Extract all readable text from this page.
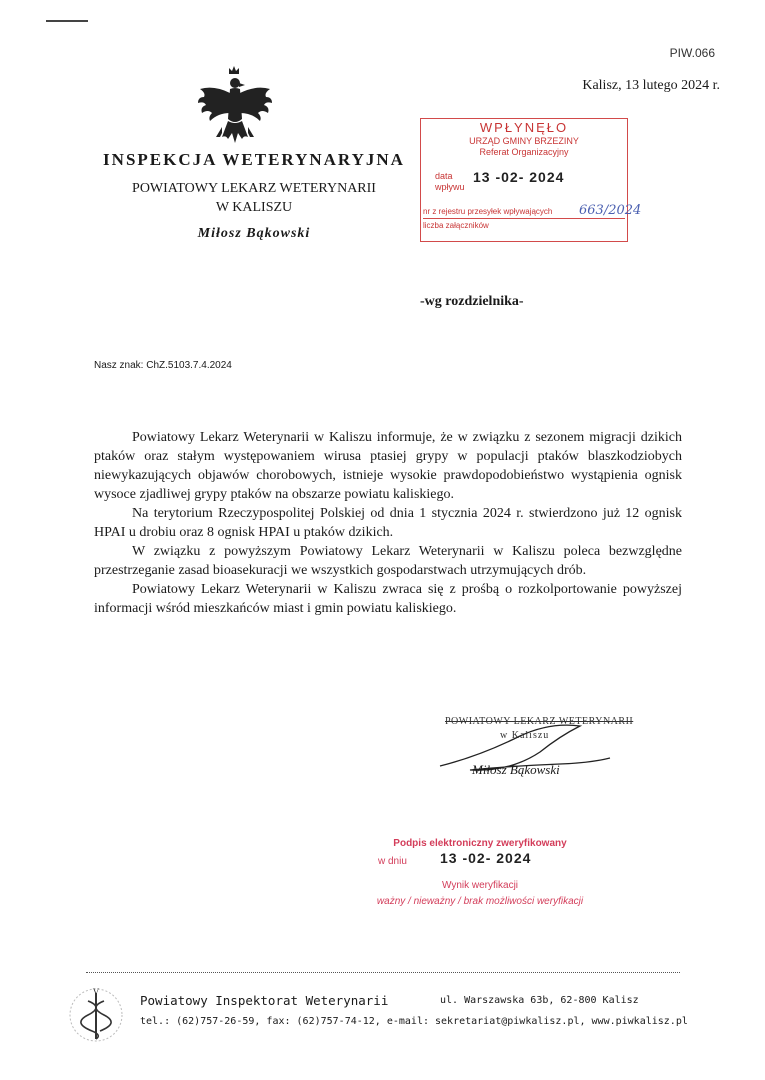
PIW.066
Kalisz, 13 lutego 2024 r.
INSPEKCJA WETERYNARYJNA
POWIATOWY LEKARZ WETERYNARII
W KALISZU
Miłosz Bąkowski
WPŁYNĘŁO
URZĄD GMINY BRZEZINY
Referat Organizacyjny
data
wpływu
13 -02- 2024
nr z rejestru przesyłek wpływających 663/2024
liczba załączników
-wg rozdzielnika-
Nasz znak: ChZ.5103.7.4.2024

Powiatowy Lekarz Weterynarii w Kaliszu informuje, że w związku z sezonem migracji dzikich ptaków oraz stałym występowaniem wirusa ptasiej grypy w populacji ptaków blaszkodziobych niewykazujących objawów chorobowych, istnieje wysokie prawdopodobieństwo wystąpienia ognisk wysoce zjadliwej grypy ptaków na obszarze powiatu kaliskiego.

Na terytorium Rzeczypospolitej Polskiej od dnia 1 stycznia 2024 r. stwierdzono już 12 ognisk HPAI u drobiu oraz 8 ognisk HPAI u ptaków dzikich.

W związku z powyższym Powiatowy Lekarz Weterynarii w Kaliszu poleca bezwzględne przestrzeganie zasad bioasekuracji we wszystkich gospodarstwach utrzymujących drób.

Powiatowy Lekarz Weterynarii w Kaliszu zwraca się z prośbą o rozkolportowanie powyższej informacji wśród mieszkańców miast i gmin powiatu kaliskiego.

POWIATOWY LEKARZ WETERYNARII
w Kaliszu
Miłosz Bąkowski
Podpis elektroniczny zweryfikowany
w dniu 13 -02- 2024
Wynik weryfikacji
ważny / nieważny / brak możliwości weryfikacji
V
Powiatowy Inspektorat Weterynarii	ul. Warszawska 63b, 62-800 Kalisz
tel.: (62)757-26-59, fax: (62)757-74-12, e-mail: sekretariat@piwkalisz.pl, www.piwkalisz.pl
